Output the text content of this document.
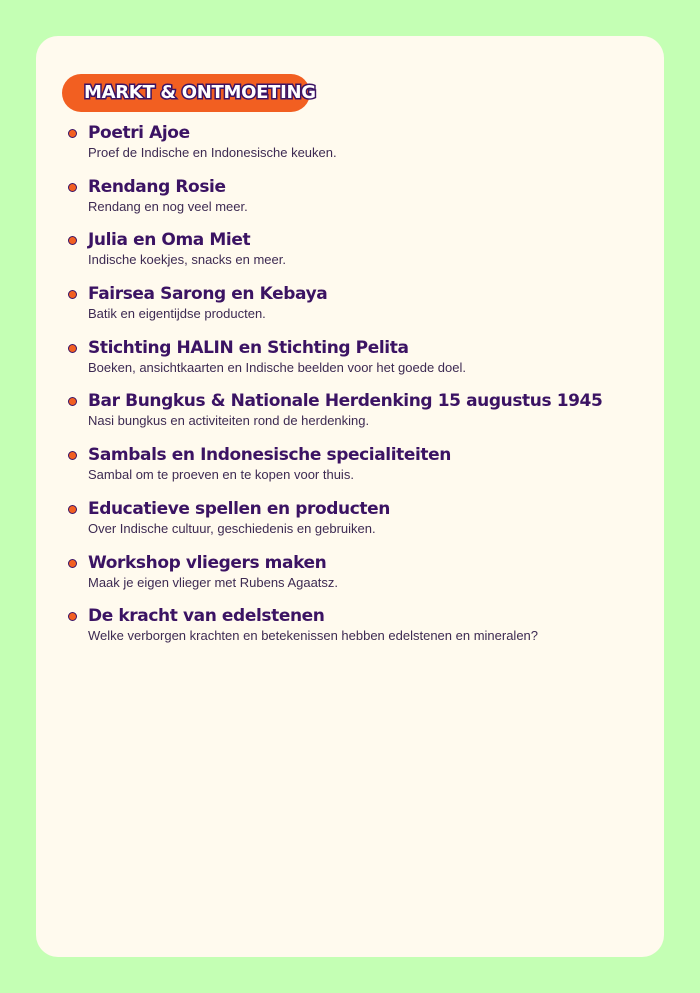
MARKT & ONTMOETING
Poetri Ajoe
Proef de Indische en Indonesische keuken.
Rendang Rosie
Rendang en nog veel meer.
Julia en Oma Miet
Indische koekjes, snacks en meer.
Fairsea Sarong en Kebaya
Batik en eigentijdse producten.
Stichting HALIN en Stichting Pelita
Boeken, ansichtkaarten en Indische beelden voor het goede doel.
Bar Bungkus & Nationale Herdenking 15 augustus 1945
Nasi bungkus en activiteiten rond de herdenking.
Sambals en Indonesische specialiteiten
Sambal om te proeven en te kopen voor thuis.
Educatieve spellen en producten
Over Indische cultuur, geschiedenis en gebruiken.
Workshop vliegers maken
Maak je eigen vlieger met Rubens Agaatsz.
De kracht van edelstenen
Welke verborgen krachten en betekenissen hebben edelstenen en mineralen?
